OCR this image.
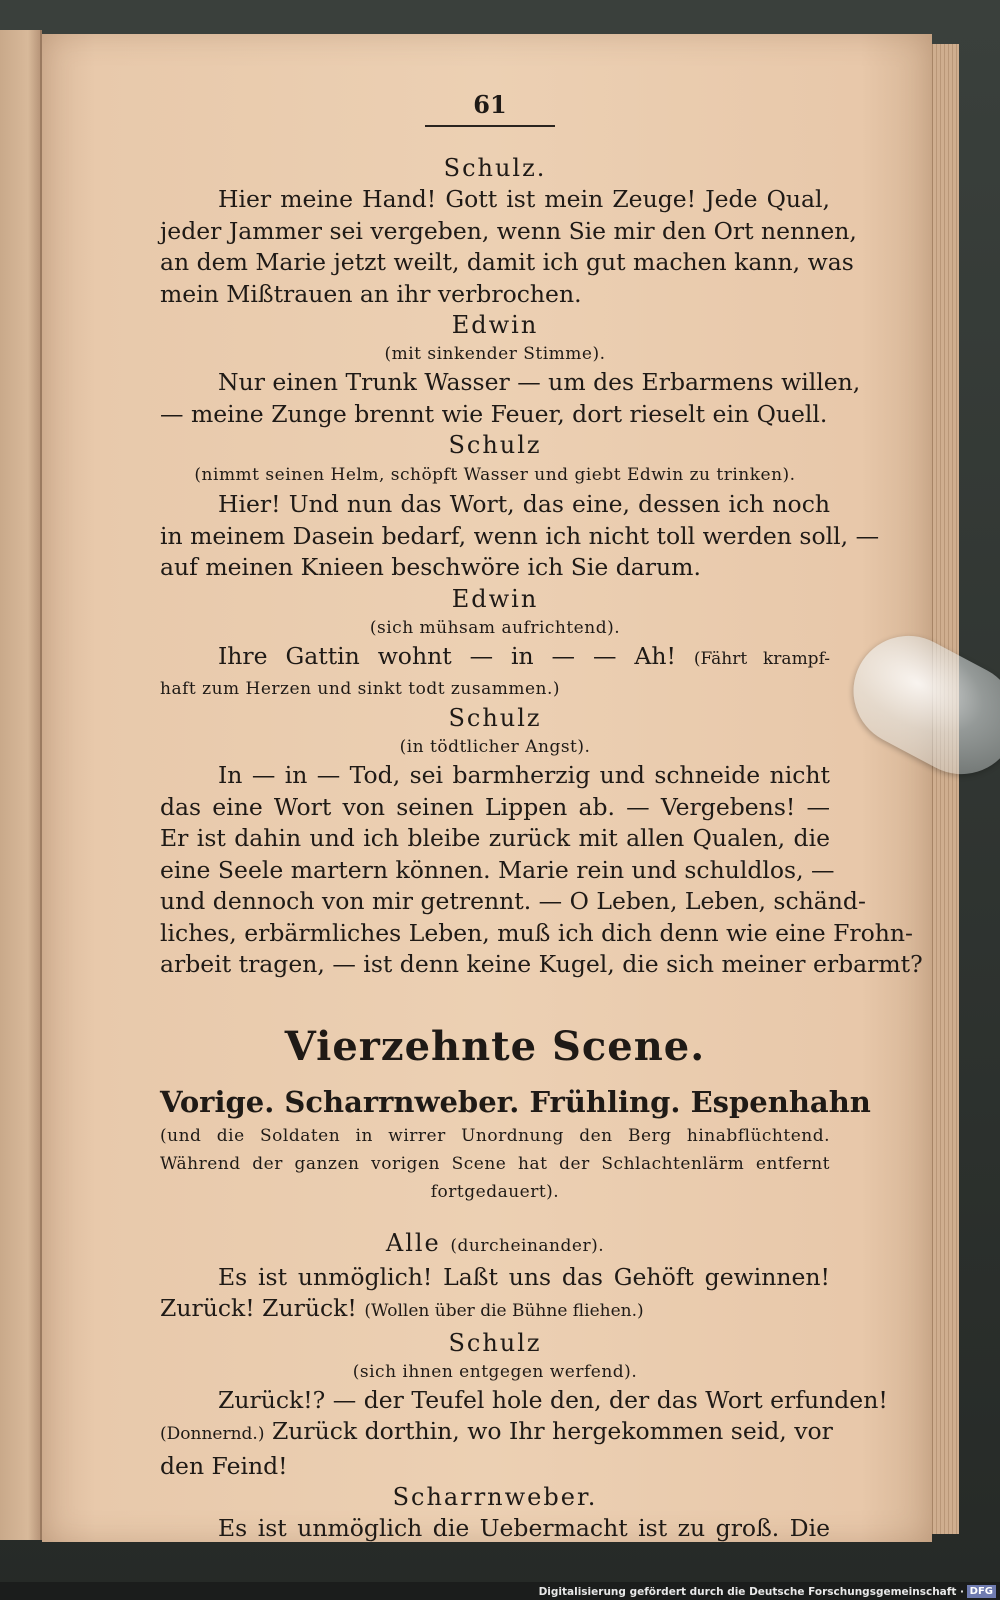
61
Schulz.
Hier meine Hand! Gott ist mein Zeuge! Jede Qual,
jeder Jammer sei vergeben, wenn Sie mir den Ort nennen,
an dem Marie jetzt weilt, damit ich gut machen kann, was
mein Mißtrauen an ihr verbrochen.
Edwin
(mit sinkender Stimme).
Nur einen Trunk Wasser — um des Erbarmens willen,
— meine Zunge brennt wie Feuer, dort rieselt ein Quell.
Schulz
(nimmt seinen Helm, schöpft Wasser und giebt Edwin zu trinken).
Hier! Und nun das Wort, das eine, dessen ich noch
in meinem Dasein bedarf, wenn ich nicht toll werden soll, —
auf meinen Knieen beschwöre ich Sie darum.
Edwin
(sich mühsam aufrichtend).
Ihre Gattin wohnt — in — — Ah! (Fährt krampf-
haft zum Herzen und sinkt todt zusammen.)
Schulz
(in tödtlicher Angst).
In — in — Tod, sei barmherzig und schneide nicht
das eine Wort von seinen Lippen ab. — Vergebens! —
Er ist dahin und ich bleibe zurück mit allen Qualen, die
eine Seele martern können. Marie rein und schuldlos, —
und dennoch von mir getrennt. — O Leben, Leben, schänd-
liches, erbärmliches Leben, muß ich dich denn wie eine Frohn-
arbeit tragen, — ist denn keine Kugel, die sich meiner erbarmt?
Vierzehnte Scene.
Vorige. Scharrnweber. Frühling. Espenhahn
(und die Soldaten in wirrer Unordnung den Berg hinabflüchtend.
Während der ganzen vorigen Scene hat der Schlachtenlärm entfernt
fortgedauert).
Alle (durcheinander).
Es ist unmöglich! Laßt uns das Gehöft gewinnen!
Zurück! Zurück! (Wollen über die Bühne fliehen.)
Schulz
(sich ihnen entgegen werfend).
Zurück!? — der Teufel hole den, der das Wort erfunden!
(Donnernd.) Zurück dorthin, wo Ihr hergekommen seid, vor
den Feind!
Scharrnweber.
Es ist unmöglich die Uebermacht ist zu groß. Die
Digitalisierung gefördert durch die Deutsche Forschungsgemeinschaft · DFG
